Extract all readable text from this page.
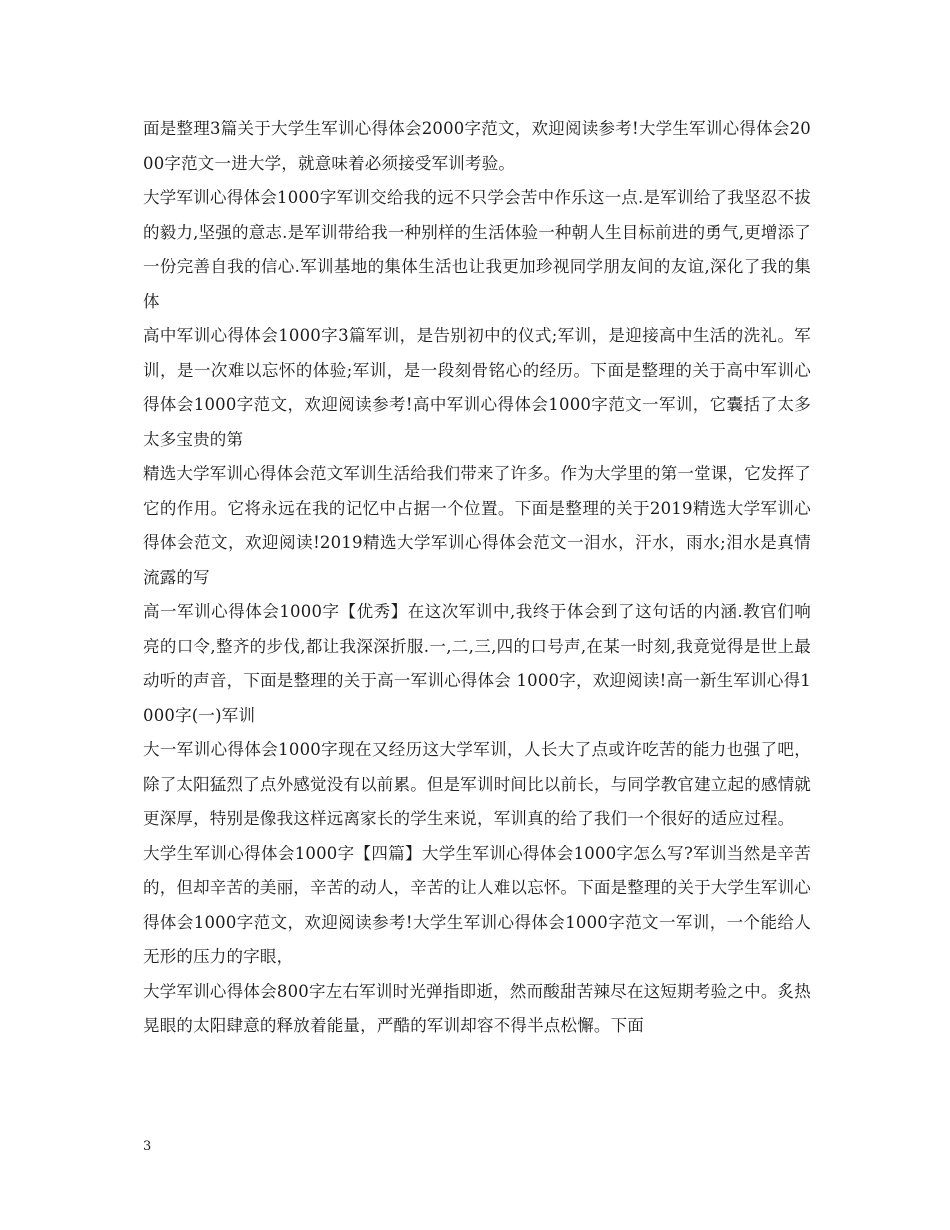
面是整理3篇关于大学生军训心得体会2000字范文，欢迎阅读参考!大学生军训心得体会2000字范文一进大学，就意味着必须接受军训考验。

大学军训心得体会1000字军训交给我的远不只学会苦中作乐这一点.是军训给了我坚忍不拔的毅力,坚强的意志.是军训带给我一种别样的生活体验一种朝人生目标前进的勇气,更增添了一份完善自我的信心.军训基地的集体生活也让我更加珍视同学朋友间的友谊,深化了我的集体

高中军训心得体会1000字3篇军训，是告别初中的仪式;军训，是迎接高中生活的洗礼。军训，是一次难以忘怀的体验;军训，是一段刻骨铭心的经历。下面是整理的关于高中军训心得体会1000字范文，欢迎阅读参考!高中军训心得体会1000字范文一军训，它囊括了太多太多宝贵的第

精选大学军训心得体会范文军训生活给我们带来了许多。作为大学里的第一堂课，它发挥了它的作用。它将永远在我的记忆中占据一个位置。下面是整理的关于2019精选大学军训心得体会范文，欢迎阅读!2019精选大学军训心得体会范文一泪水，汗水，雨水;泪水是真情流露的写

高一军训心得体会1000字【优秀】在这次军训中,我终于体会到了这句话的内涵.教官们响亮的口令,整齐的步伐,都让我深深折服.一,二,三,四的口号声,在某一时刻,我竟觉得是世上最动听的声音，下面是整理的关于高一军训心得体会 1000字，欢迎阅读!高一新生军训心得1000字(一)军训

大一军训心得体会1000字现在又经历这大学军训，人长大了点或许吃苦的能力也强了吧，除了太阳猛烈了点外感觉没有以前累。但是军训时间比以前长，与同学教官建立起的感情就更深厚，特别是像我这样远离家长的学生来说，军训真的给了我们一个很好的适应过程。

大学生军训心得体会1000字【四篇】大学生军训心得体会1000字怎么写?军训当然是辛苦的，但却辛苦的美丽，辛苦的动人，辛苦的让人难以忘怀。下面是整理的关于大学生军训心得体会1000字范文，欢迎阅读参考!大学生军训心得体会1000字范文一军训，一个能给人无形的压力的字眼，

大学军训心得体会800字左右军训时光弹指即逝，然而酸甜苦辣尽在这短期考验之中。炙热晃眼的太阳肆意的释放着能量，严酷的军训却容不得半点松懈。下面

3
